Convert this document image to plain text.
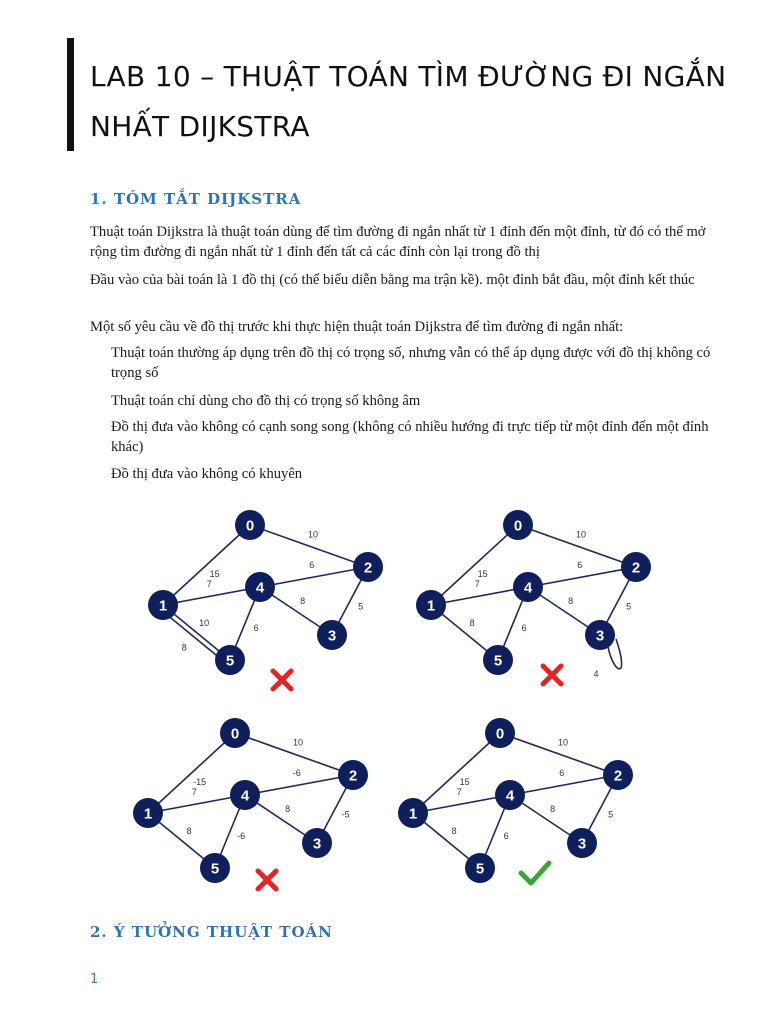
LAB 10 – THUẬT TOÁN TÌM ĐƯỜNG ĐI NGẮN NHẤT DIJKSTRA
1. TÓM TẮT DIJKSTRA

Thuật toán Dijkstra là thuật toán dùng để tìm đường đi ngắn nhất từ 1 đỉnh đến một đỉnh, từ đó có thể mở rộng tìm đường đi ngắn nhất từ 1 đỉnh đến tất cả các đỉnh còn lại trong đồ thị

Đầu vào của bài toán là 1 đồ thị (có thể biểu diễn bằng ma trận kề). một đỉnh bắt đầu, một đỉnh kết thúc

Một số yêu cầu về đồ thị trước khi thực hiện thuật toán Dijkstra để tìm đường đi ngắn nhất:

Thuật toán thường áp dụng trên đồ thị có trọng số, nhưng vẫn có thể áp dụng được với đồ thị không có trọng số

Thuật toán chỉ dùng cho đồ thị có trọng số không âm

Đồ thị đưa vào không có cạnh song song (không có nhiều hướng đi trực tiếp từ một đỉnh đến một đỉnh khác)

Đồ thị đưa vào không có khuyên

15
10
7
6
5
8
6
10
8
0
1
2
3
4
5
15
10
7
6
5
8
6
8
4
0
1
2
3
4
5
-15
10
7
-6
-5
8
-6
8
0
1
2
3
4
5
15
10
7
6
5
8
6
8
0
1
2
3
4
5
2. Ý TƯỞNG THUẬT TOÁN
1
